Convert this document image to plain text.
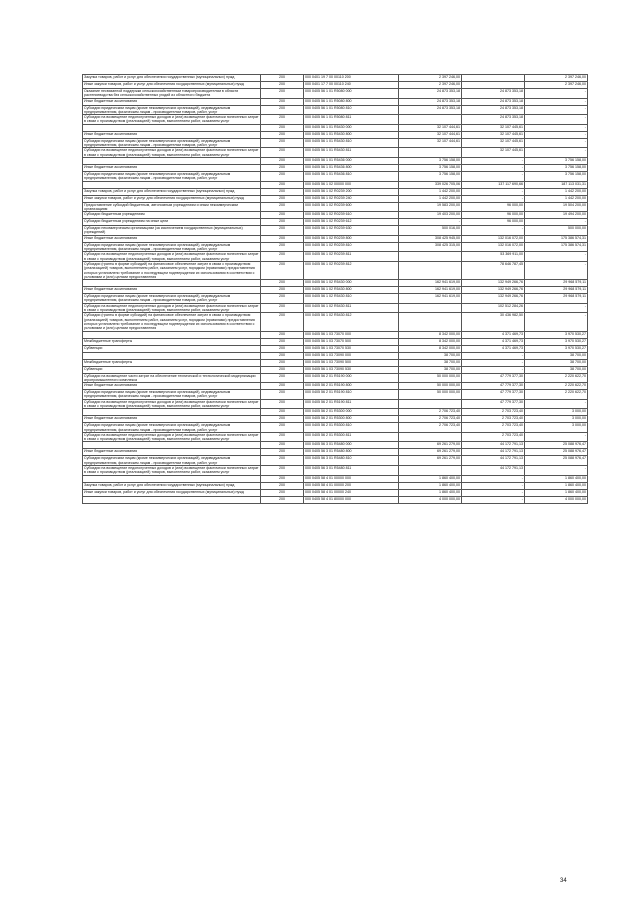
Закупка товаров, работ и услуг для обеспечения государственных (муниципальных) нужд	200	000 0401 19 7 00 00110 200	2 397 246,00		2 397 246,00
Иные закупки товаров, работ и услуг для обеспечения государственных (муниципальных) нужд	200	000 0401 17 7 00 00110 240	2 397 246,00		2 397 246,00
Оказание несвязанной поддержки сельскохозяйственным товаропроизводителям в области растениеводства без сельскохозяйственных угодий из областного бюджета	200	000 0405 56 1 01 R5080 000	24 873 353,18	24 873 353,18	-
Иные бюджетные ассигнования	200	000 0405 56 1 01 R5080 800	24 873 353,18	24 873 353,18	-
Субсидии юридическим лицам (кроме некоммерческих организаций), индивидуальным предпринимателям, физическим лицам - производителям товаров, работ, услуг	200	000 0405 56 1 01 R5080 810	24 873 353,18	24 873 353,18	-
Субсидии на возмещение недополученных доходов и (или) возмещение фактически понесенных затрат в связи с производством (реализацией) товаров, выполнением работ, оказанием услуг	200	000 0405 56 1 01 R5080 811		24 873 353,18	-
	200	000 0405 56 1 01 R5430 000	32 107 444,61	32 107 445,61	-
Иные бюджетные ассигнования	200	000 0405 56 1 01 R5430 800	32 107 444,61	32 107 445,61	-
Субсидии юридическим лицам (кроме некоммерческих организаций), индивидуальным предпринимателям, физическим лицам - производителям товаров, работ, услуг	200	000 0405 56 1 01 R5430 810	32 107 444,61	32 107 445,61	-
Субсидии на возмещение недополученных доходов и (или) возмещение фактически понесенных затрат в связи с производством (реализацией) товаров, выполнением работ, оказанием услуг	200	000 0405 56 1 01 R5430 811		32 107 445,61	-
	200	000 0405 56 1 01 R5436 000	3 756 158,00	-	3 756 158,00
Иные бюджетные ассигнования	200	000 0405 56 1 01 R5436 800	3 756 158,00	-	3 756 158,00
Субсидии юридическим лицам (кроме некоммерческих организаций), индивидуальным предпринимателям, физическим лицам - производителям товаров, работ, услуг	200	000 0405 56 1 01 R5436 810	3 756 158,00	-	3 756 158,00
	200	000 0405 56 1 02 00000 000	339 026 705,06	137 117 690,66	187 113 031,31
Закупка товаров, работ и услуг для обеспечения государственных (муниципальных) нужд	200	000 0405 56 1 02 R0239 200	1 442 200,00	-	1 442 200,00
Иные закупки товаров, работ и услуг для обеспечения государственных (муниципальных) нужд	200	000 0405 56 1 02 R0239 240	1 442 200,00	-	1 442 200,00
Предоставление субсидий бюджетным, автономным учреждениям и иным некоммерческим организациям	200	000 0405 56 1 02 R0239 600	19 583 200,00	96 000,00	19 504 200,00
Субсидии бюджетным учреждениям	200	000 0405 56 1 02 R0239 610	19 403 200,00	96 000,00	19 494 200,00
Субсидии бюджетным учреждениям на иные цели	200	000 0405 56 1 02 R0239 612	-	96 000,00	-
Субсидии некоммерческим организациям (за исключением государственных (муниципальных) учреждений)	200	000 0405 56 1 02 R0239 630	500 016,00	-	500 000,00
Иные бюджетные ассигнования	200	000 0405 56 1 02 R0239 800	308 425 945,00	132 016 072,00	175 386 574,31
Субсидии юридическим лицам (кроме некоммерческих организаций), индивидуальным предпринимателям, физическим лицам - производителям товаров, работ, услуг	200	000 0405 56 1 02 R0239 810	308 425 315,00	132 016 072,00	175 386 574,31
Субсидии на возмещение недополученных доходов и (или) возмещение фактически понесенных затрат в связи с производством (реализацией) товаров, выполнением работ, оказанием услуг	200	000 0405 56 1 02 R0239 811		53 369 911,00	-
Субсидии (гранты в форме субсидий) на финансовое обеспечение затрат в связи с производством (реализацией) товаров, выполнением работ, оказанием услуг, порядком (правилами) предоставления которых установлено требование о последующем подтверждении их использования в соответствии с условиями и (или) целями предоставления	200	000 0405 56 1 02 R0239 812		78 646 787,45	-
	200	000 0405 56 1 02 R5430 000	162 941 619,00	132 949 266,76	29 968 579,11
Иные бюджетные ассигнования	200	000 0405 56 1 02 R5430 800	162 941 619,00	132 949 266,76	29 968 579,11
Субсидии юридическим лицам (кроме некоммерческих организаций), индивидуальным предпринимателям, физическим лицам - производителям товаров, работ, услуг	200	000 0405 56 1 02 R5430 810	162 941 619,00	132 949 266,76	29 968 579,11
Субсидии на возмещение недополученных доходов и (или) возмещение фактически понесенных затрат в связи с производством (реализацией) товаров, выполнением работ, оказанием услуг	200	000 0405 56 1 02 R5430 811		102 512 284,26	-
Субсидии (гранты в форме субсидий) на финансовое обеспечение затрат в связи с производством (реализацией) товаров, выполнением работ, оказанием услуг, порядком (правилами) предоставления которых установлено требование о последующем подтверждении их использования в соответствии с условиями и (или) целями предоставления	200	000 0405 56 1 02 R5430 812		30 436 982,50	-
	200	000 0405 56 1 03 73070 000	8 342 000,00	4 371 469,73	3 970 530,27
Межбюджетные трансферты	200	000 0405 56 1 03 73070 500	8 342 000,00	4 371 469,73	3 970 530,27
Субвенции	200	000 0405 56 1 03 73070 530	8 342 000,00	4 371 469,73	3 970 530,27
	200	000 0405 56 1 03 73090 000	38 700,00	-	38 700,00
Межбюджетные трансферты	200	000 0405 56 1 03 73090 500	38 700,00	-	38 700,00
Субвенции	200	000 0405 56 1 03 73090 530	38 700,00	-	38 700,00
Субсидии на возмещение части затрат на обеспечение технической и технологической модернизации агропромышленного комплекса	200	000 0405 56 2 01 R5190 000	50 000 000,00	47 779 377,30	2 220 622,70
Иные бюджетные ассигнования	200	000 0405 56 2 01 R5190 800	50 000 000,00	47 779 377,30	2 220 622,70
Субсидии юридическим лицам (кроме некоммерческих организаций), индивидуальным предпринимателям, физическим лицам - производителям товаров, работ, услуг	200	000 0405 56 2 01 R5190 810	50 000 000,00	47 779 377,30	2 220 622,70
Субсидии на возмещение недополученных доходов и (или) возмещение фактически понесенных затрат в связи с производством (реализацией) товаров, выполнением работ, оказанием услуг	200	000 0405 56 2 01 R5190 811		47 779 377,30	-
	200	000 0405 56 2 01 R5300 000	2 706 723,40	2 703 723,40	3 000,00
Иные бюджетные ассигнования	200	000 0405 56 2 01 R5300 800	2 706 723,40	2 703 723,40	3 000,00
Субсидии юридическим лицам (кроме некоммерческих организаций), индивидуальным предпринимателям, физическим лицам - производителям товаров, работ, услуг	200	000 0405 56 2 01 R5300 810	2 706 723,40	2 703 723,40	3 000,00
Субсидии на возмещение недополученных доходов и (или) возмещение фактически понесенных затрат в связи с производством (реализацией) товаров, выполнением работ, оказанием услуг	200	000 0405 56 2 01 R5300 811		2 703 723,40	-
	200	000 0405 56 3 01 R5480 000	69 261 279,00	44 172 791,13	25 088 976,47
Иные бюджетные ассигнования	200	000 0405 56 3 01 R5480 800	69 261 279,00	44 172 791,13	25 088 976,47
Субсидии юридическим лицам (кроме некоммерческих организаций), индивидуальным предпринимателям, физическим лицам - производителям товаров, работ, услуг	200	000 0405 56 3 01 R5480 810	69 261 279,00	44 172 791,13	25 088 976,47
Субсидии на возмещение недополученных доходов и (или) возмещение фактически понесенных затрат в связи с производством (реализацией) товаров, выполнением работ, оказанием услуг	200	000 0405 56 3 01 R5480 811		44 172 791,13	-
	200	000 0405 58 4 01 00000 000	1 860 400,00	-	1 860 400,00
Закупка товаров, работ и услуг для обеспечения государственных (муниципальных) нужд	200	000 0405 58 4 01 00000 200	1 860 400,00	-	1 860 400,00
Иные закупки товаров, работ и услуг для обеспечения государственных (муниципальных) нужд	200	000 0405 58 4 01 00000 240	1 860 400,00	-	1 860 400,00
	200	000 0405 58 4 01 80000 000	4 000 000,00	-	4 000 000,00
34
